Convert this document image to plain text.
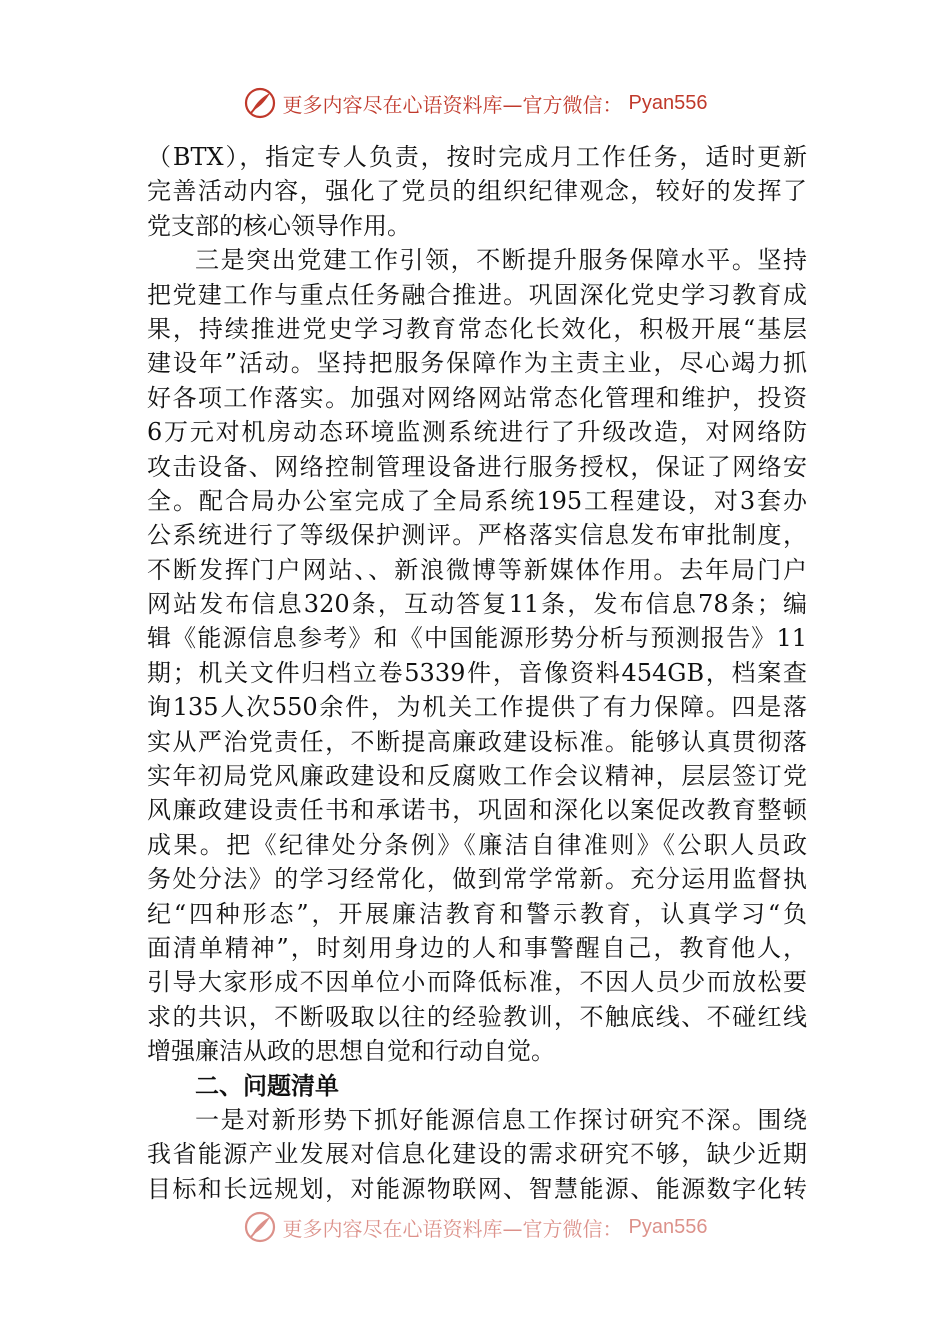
更多内容尽在心语资料库—官方微信： Pyan556
（BTX），指定专人负责，按时完成月工作任务，适时更新
完善活动内容，强化了党员的组织纪律观念，较好的发挥了
党支部的核心领导作用。
三是突出党建工作引领，不断提升服务保障水平。坚持
把党建工作与重点任务融合推进。巩固深化党史学习教育成
果，持续推进党史学习教育常态化长效化，积极开展“基层
建设年”活动。坚持把服务保障作为主责主业，尽心竭力抓
好各项工作落实。加强对网络网站常态化管理和维护，投资
6万元对机房动态环境监测系统进行了升级改造，对网络防
攻击设备、网络控制管理设备进行服务授权，保证了网络安
全。配合局办公室完成了全局系统195工程建设，对3套办
公系统进行了等级保护测评。严格落实信息发布审批制度，
不断发挥门户网站、、新浪微博等新媒体作用。去年局门户
网站发布信息320条，互动答复11条，发布信息78条；编
辑《能源信息参考》和《中国能源形势分析与预测报告》11
期；机关文件归档立卷5339件，音像资料454GB，档案查
询135人次550余件，为机关工作提供了有力保障。四是落
实从严治党责任，不断提高廉政建设标准。能够认真贯彻落
实年初局党风廉政建设和反腐败工作会议精神，层层签订党
风廉政建设责任书和承诺书，巩固和深化以案促改教育整顿
成果。把《纪律处分条例》《廉洁自律准则》《公职人员政
务处分法》的学习经常化，做到常学常新。充分运用监督执
纪“四种形态”，开展廉洁教育和警示教育，认真学习“负
面清单精神”，时刻用身边的人和事警醒自己，教育他人，
引导大家形成不因单位小而降低标准，不因人员少而放松要
求的共识，不断吸取以往的经验教训，不触底线、不碰红线
增强廉洁从政的思想自觉和行动自觉。
二、问题清单
一是对新形势下抓好能源信息工作探讨研究不深。围绕
我省能源产业发展对信息化建设的需求研究不够，缺少近期
目标和长远规划，对能源物联网、智慧能源、能源数字化转
更多内容尽在心语资料库—官方微信： Pyan556
